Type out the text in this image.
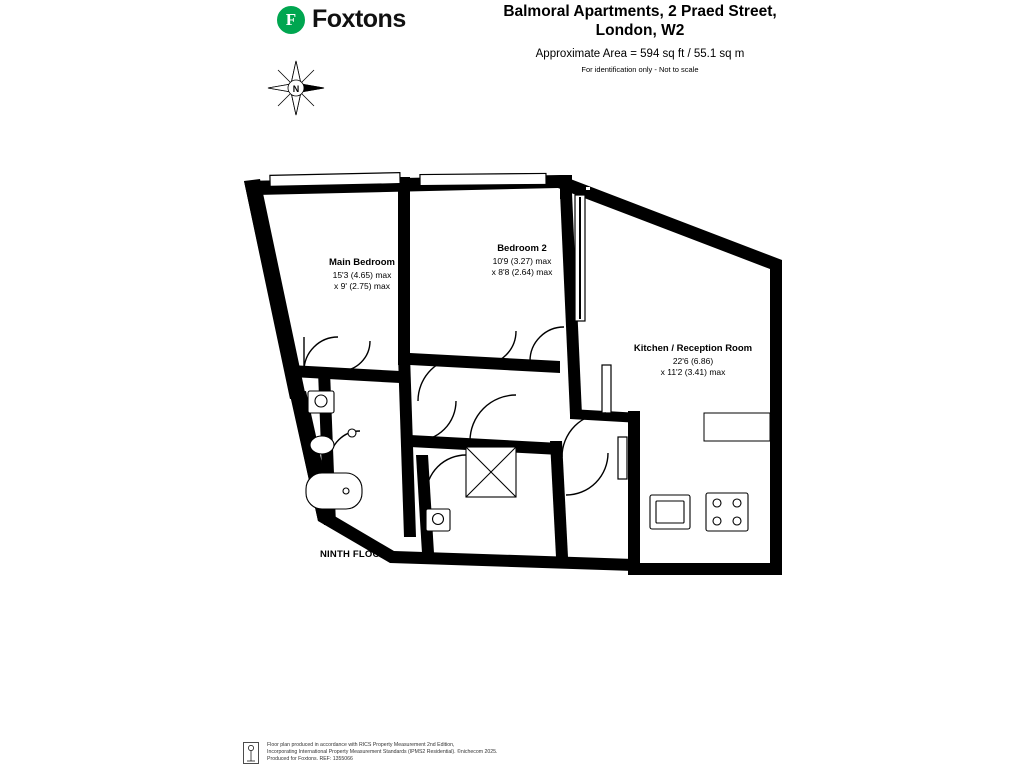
F Foxtons	Balmoral Apartments, 2 Praed Street,
London, W2
Approximate Area = 594 sq ft / 55.1 sq m
For identification only - Not to scale
N
Main Bedroom
15'3 (4.65) max
x 9' (2.75) max
Bedroom 2
10'9 (3.27) max
x 8'8 (2.64) max
Kitchen / Reception Room
22'6 (6.86)
x 11'2 (3.41) max
NINTH FLOOR
Floor plan produced in accordance with RICS Property Measurement 2nd Edition,
Incorporating International Property Measurement Standards (IPMS2 Residential). ©nichecom 2025.
Produced for Foxtons. REF: 1355066
